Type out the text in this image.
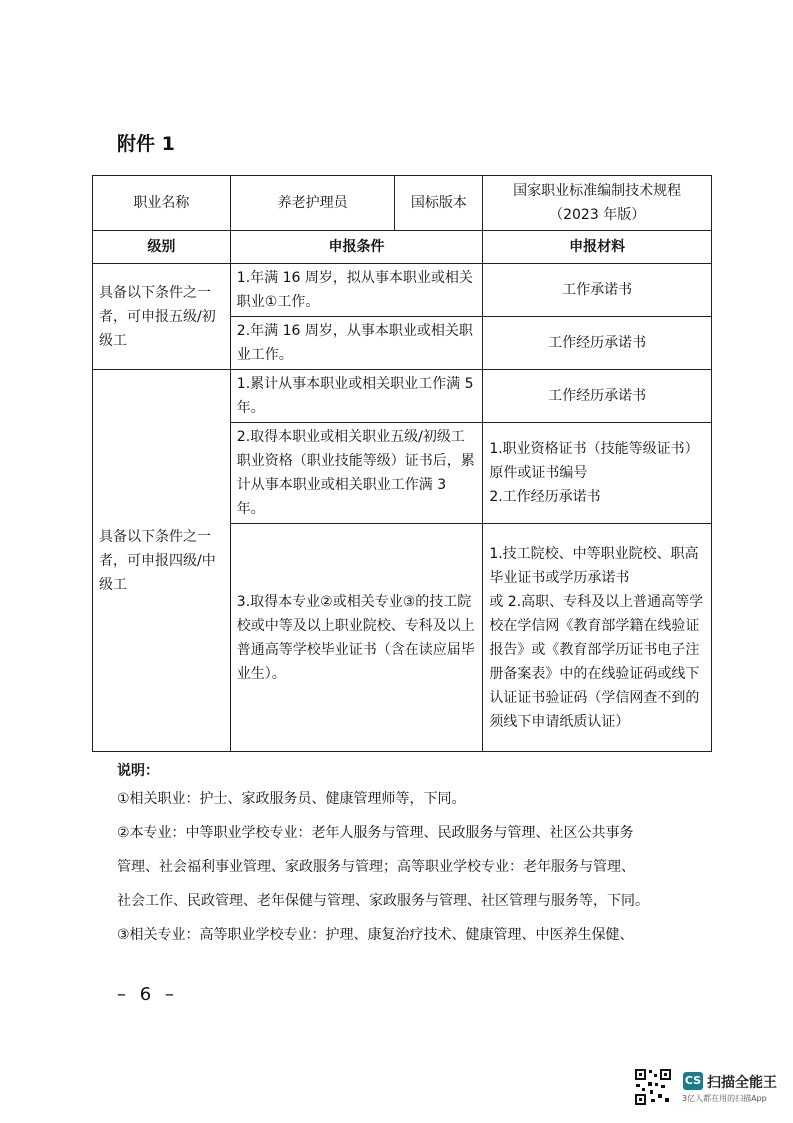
附件 1
职业名称	养老护理员	国标版本	国家职业标准编制技术规程
（2023 年版）

级别	申报条件		申报材料
具备以下条件之一者，可申报五级/初级工	1.年满 16 周岁，拟从事本职业或相关职业①工作。		工作承诺书
	2.年满 16 周岁，从事本职业或相关职业工作。		工作经历承诺书
具备以下条件之一者，可申报四级/中级工	1.累计从事本职业或相关职业工作满 5 年。		工作经历承诺书
	2.取得本职业或相关职业五级/初级工职业资格（职业技能等级）证书后，累计从事本职业或相关职业工作满 3 年。		1.职业资格证书（技能等级证书）原件或证书编号
2.工作经历承诺书

	3.取得本专业②或相关专业③的技工院校或中等及以上职业院校、专科及以上普通高等学校毕业证书（含在读应届毕业生）。		1.技工院校、中等职业院校、职高毕业证书或学历承诺书
或 2.高职、专科及以上普通高等学校在学信网《教育部学籍在线验证报告》或《教育部学历证书电子注册备案表》中的在线验证码或线下认证证书验证码（学信网查不到的须线下申请纸质认证）
说明：
①相关职业：护士、家政服务员、健康管理师等，下同。
②本专业：中等职业学校专业：老年人服务与管理、民政服务与管理、社区公共事务
管理、社会福利事业管理、家政服务与管理；高等职业学校专业：老年服务与管理、
社会工作、民政管理、老年保健与管理、家政服务与管理、社区管理与服务等，下同。
③相关专业：高等职业学校专业：护理、康复治疗技术、健康管理、中医养生保健、
– 6 –
CS 扫描全能王
3亿人都在用的扫描App
